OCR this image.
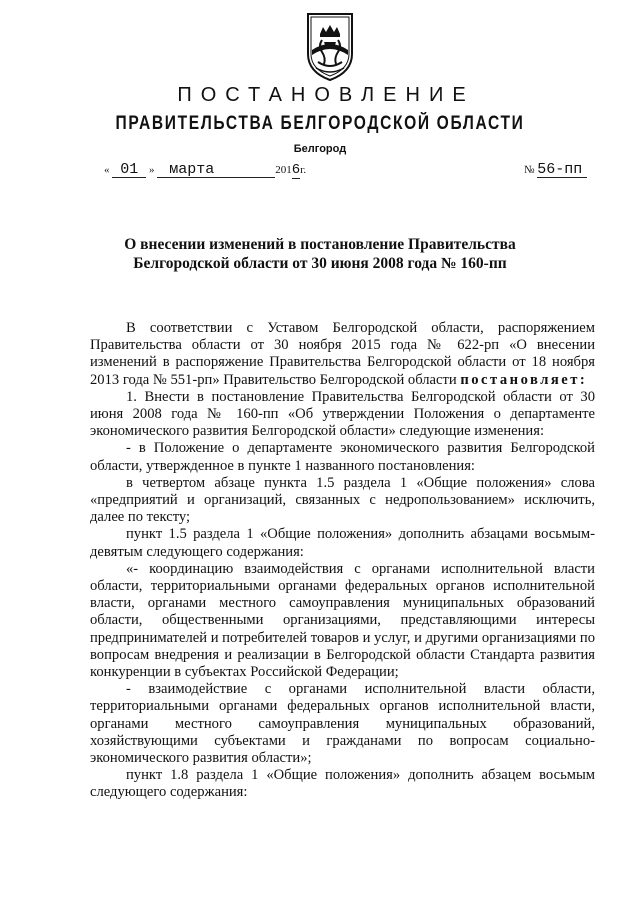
ПОСТАНОВЛЕНИЕ
ПРАВИТЕЛЬСТВА БЕЛГОРОДСКОЙ ОБЛАСТИ
Белгород
« 01 » марта	2016г.	№ 56-пп
О внесении изменений в постановление Правительства
Белгородской области от 30 июня 2008 года № 160-пп

В соответствии с Уставом Белгородской области, распоряжением Правительства области от 30 ноября 2015 года № 622-рп «О внесении изменений в распоряжение Правительства Белгородской области от 18 ноября 2013 года № 551-рп» Правительство Белгородской области постановляет:

1. Внести в постановление Правительства Белгородской области от 30 июня 2008 года № 160-пп «Об утверждении Положения о департаменте экономического развития Белгородской области» следующие изменения:

- в Положение о департаменте экономического развития Белгородской области, утвержденное в пункте 1 названного постановления:

в четвертом абзаце пункта 1.5 раздела 1 «Общие положения» слова «предприятий и организаций, связанных с недропользованием» исключить, далее по тексту;

пункт 1.5 раздела 1 «Общие положения» дополнить абзацами восьмым-девятым следующего содержания:

«- координацию взаимодействия с органами исполнительной власти области, территориальными органами федеральных органов исполнительной власти, органами местного самоуправления муниципальных образований области, общественными организациями, представляющими интересы предпринимателей и потребителей товаров и услуг, и другими организациями по вопросам внедрения и реализации в Белгородской области Стандарта развития конкуренции в субъектах Российской Федерации;

- взаимодействие с органами исполнительной власти области, территориальными органами федеральных органов исполнительной власти, органами местного самоуправления муниципальных образований, хозяйствующими субъектами и гражданами по вопросам социально-экономического развития области»;

пункт 1.8 раздела 1 «Общие положения» дополнить абзацем восьмым следующего содержания:
